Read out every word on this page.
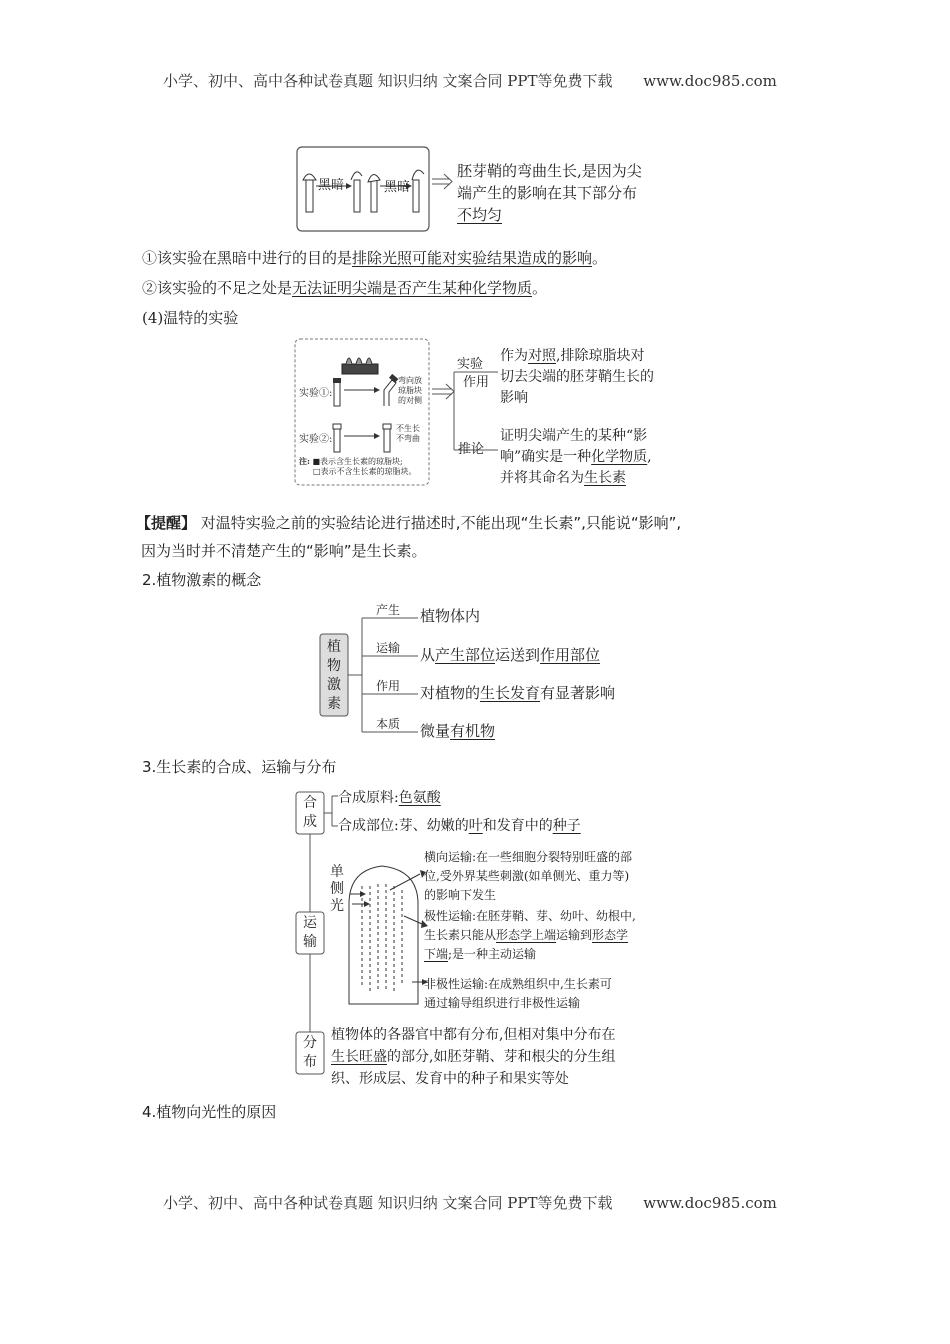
小学、初中、高中各种试卷真题 知识归纳 文案合同 PPT等免费下载 www.doc985.com
黑暗	黑暗
胚芽鞘的弯曲生长,是因为尖
端产生的影响在其下部分布
不均匀
①该实验在黑暗中进行的目的是排除光照可能对实验结果造成的影响。
②该实验的不足之处是无法证明尖端是否产生某种化学物质。
(4)温特的实验
实验①:
实验②:
弯向放
琼脂块
的对侧
不生长
不弯曲
注: ■表示含生长素的琼脂块;
□表示不含生长素的琼脂块。
实验
作用
推论
作为对照,排除琼脂块对
切去尖端的胚芽鞘生长的
影响
证明尖端产生的某种“影
响”确实是一种化学物质,
并将其命名为生长素
【提醒】 对温特实验之前的实验结论进行描述时,不能出现“生长素”,只能说“影响”,
因为当时并不清楚产生的“影响”是生长素。
2.植物激素的概念
植
物
激
素
产生
运输
作用
本质
植物体内
从产生部位运送到作用部位
对植物的生长发育有显著影响
微量有机物
3.生长素的合成、运输与分布
合
成
运
输
分
布
单
侧
光
合成原料:色氨酸
合成部位:芽、幼嫩的叶和发育中的种子
横向运输:在一些细胞分裂特别旺盛的部
位,受外界某些刺激(如单侧光、重力等)
的影响下发生
极性运输:在胚芽鞘、芽、幼叶、幼根中,
生长素只能从形态学上端运输到形态学
下端;是一种主动运输
非极性运输:在成熟组织中,生长素可
通过输导组织进行非极性运输
植物体的各器官中都有分布,但相对集中分布在
生长旺盛的部分,如胚芽鞘、芽和根尖的分生组
织、形成层、发育中的种子和果实等处
4.植物向光性的原因
小学、初中、高中各种试卷真题 知识归纳 文案合同 PPT等免费下载 www.doc985.com
